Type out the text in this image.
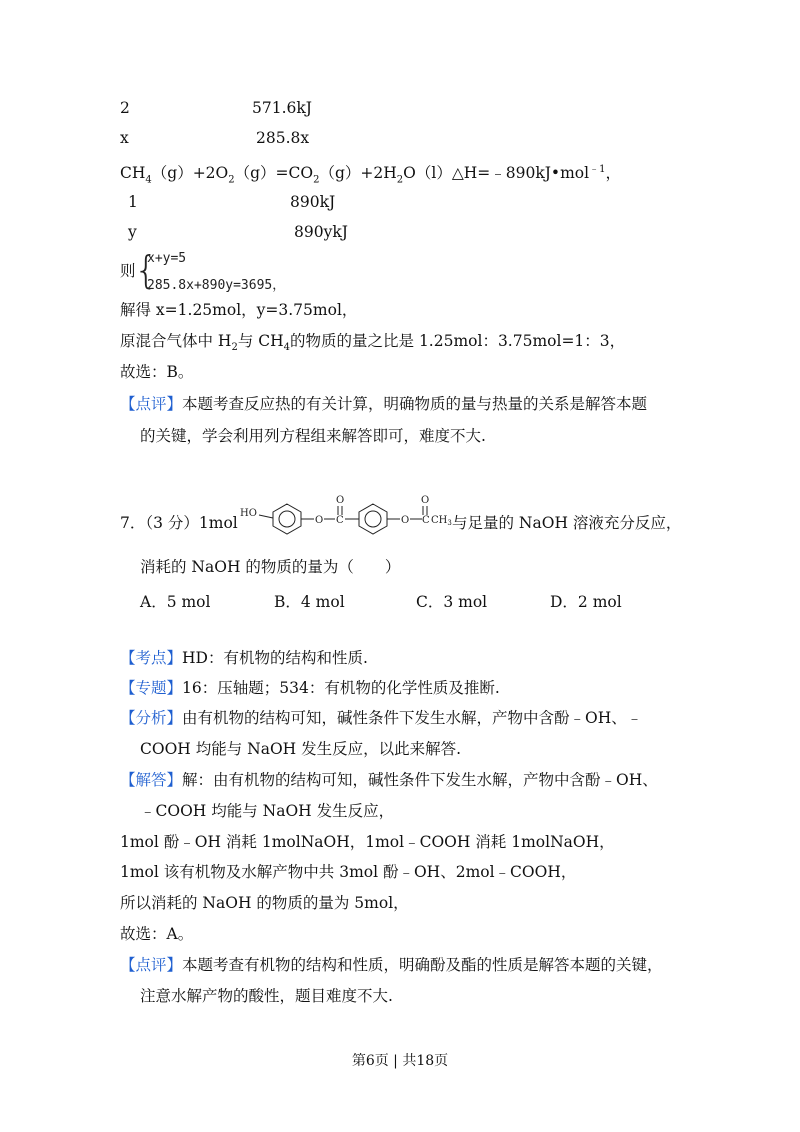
2	571.6kJ
x	285.8x
$CH_4(g)+2O_2(g)=CO_2(g)+2H_2O(l)\triangle H=﹣890kJ•mol^{﹣1}$，
1	890kJ
y	890ykJ
则
{
x+y=5
285.8x+890y=3695，
解得 x=1.25mol，y=3.75mol，
原混合气体中 $H_2$与 $CH_4$的物质的量之比是 1.25mol：3.75mol=1：3，
故选：B。
【点评】本题考查反应热的有关计算，明确物质的量与热量的关系是解答本题
的关键，学会利用列方程组来解答即可，难度不大.
7．（3 分）1mol
HO
O C
O
O C
O
$CH_3$ 与足量的 NaOH 溶液充分反应，
消耗的 NaOH 的物质的量为（　　）
A．5 mol	B．4 mol	C．3 mol	D．2 mol
【考点】HD：有机物的结构和性质.
【专题】16：压轴题；534：有机物的化学性质及推断.
【分析】由有机物的结构可知，碱性条件下发生水解，产物中含酚﹣OH、﹣
COOH 均能与 NaOH 发生反应，以此来解答.
【解答】解：由有机物的结构可知，碱性条件下发生水解，产物中含酚﹣OH、
﹣COOH 均能与 NaOH 发生反应，
1mol 酚﹣OH 消耗 1molNaOH，1mol﹣COOH 消耗 1molNaOH，
1mol 该有机物及水解产物中共 3mol 酚﹣OH、2mol﹣COOH，
所以消耗的 NaOH 的物质的量为 5mol，
故选：A。
【点评】本题考查有机物的结构和性质，明确酚及酯的性质是解答本题的关键，
注意水解产物的酸性，题目难度不大.
第6页 | 共18页
